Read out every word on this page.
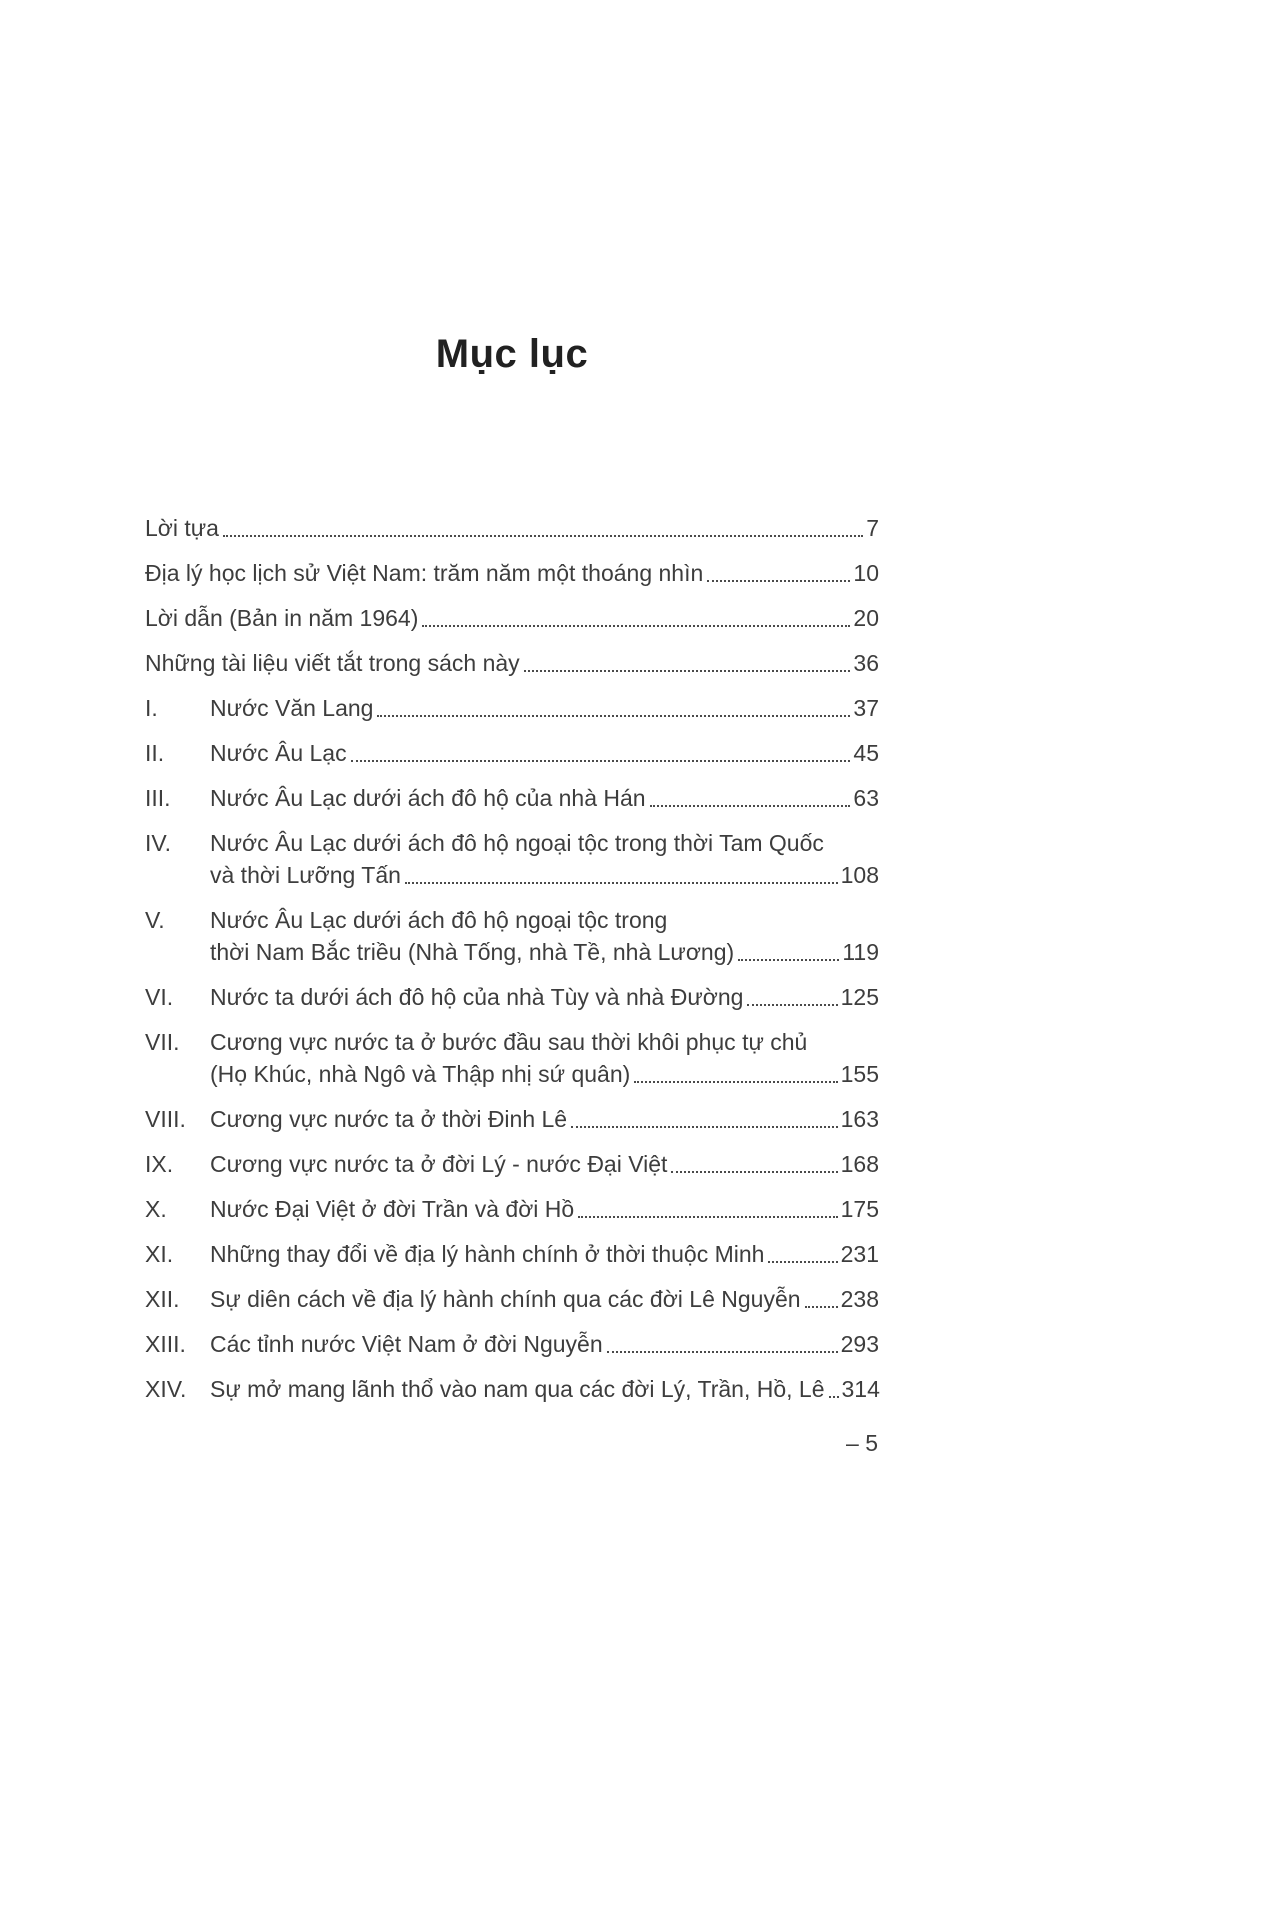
Mục lục
Lời tựa	7
Địa lý học lịch sử Việt Nam: trăm năm một thoáng nhìn	10
Lời dẫn (Bản in năm 1964)	20
Những tài liệu viết tắt trong sách này	36
I.	Nước Văn Lang	37
II.	Nước Âu Lạc	45
III.	Nước Âu Lạc dưới ách đô hộ của nhà Hán	63
IV.	Nước Âu Lạc dưới ách đô hộ ngoại tộc trong thời Tam Quốc
và thời Lưỡng Tấn	108
V.	Nước Âu Lạc dưới ách đô hộ ngoại tộc trong
thời Nam Bắc triều (Nhà Tống, nhà Tề, nhà Lương)	119
VI.	Nước ta dưới ách đô hộ của nhà Tùy và nhà Đường	125
VII.	Cương vực nước ta ở bước đầu sau thời khôi phục tự chủ
(Họ Khúc, nhà Ngô và Thập nhị sứ quân)	155
VIII.	Cương vực nước ta ở thời Đinh Lê	163
IX.	Cương vực nước ta ở đời Lý - nước Đại Việt	168
X.	Nước Đại Việt ở đời Trần và đời Hồ	175
XI.	Những thay đổi về địa lý hành chính ở thời thuộc Minh	231
XII.	Sự diên cách về địa lý hành chính qua các đời Lê Nguyễn 238
XIII.	Các tỉnh nước Việt Nam ở đời Nguyễn	293
XIV.	Sự mở mang lãnh thổ vào nam qua các đời Lý, Trần, Hồ, Lê 314
– 5
